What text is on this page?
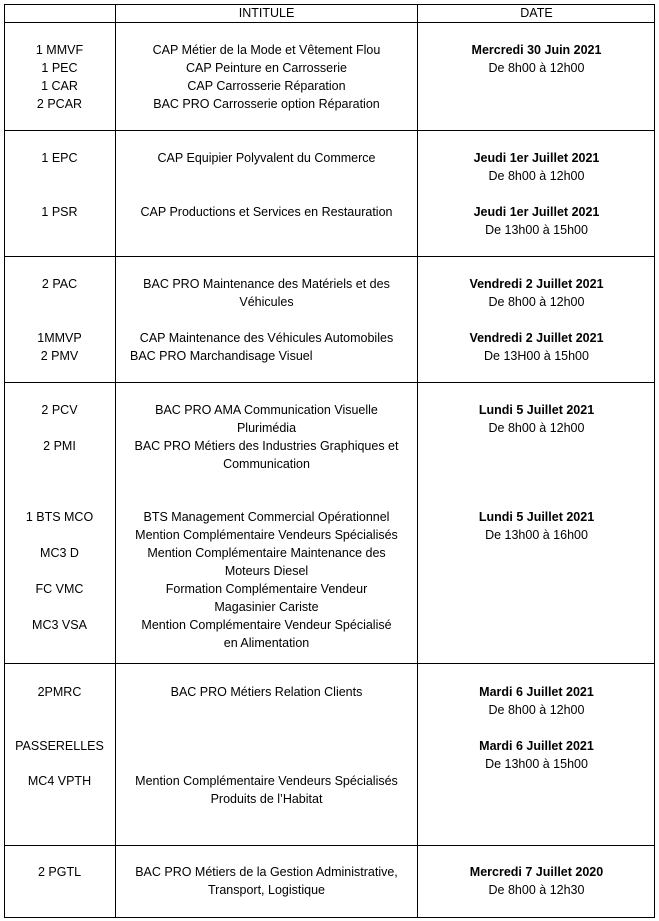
INTITULE	DATE
1 MMVF
1 PEC
1 CAR
2 PCAR
CAP Métier de la Mode et Vêtement Flou
CAP Peinture en Carrosserie
CAP Carrosserie Réparation
BAC PRO Carrosserie option Réparation
Mercredi 30 Juin 2021
De 8h00 à 12h00
1 EPC
1 PSR
CAP Equipier Polyvalent du Commerce
CAP Productions et Services en Restauration
Jeudi 1er Juillet 2021
De 8h00 à 12h00
Jeudi 1er Juillet 2021
De 13h00 à 15h00
2 PAC
1MMVP
2 PMV
BAC PRO Maintenance des Matériels et des
Véhicules
CAP Maintenance des Véhicules Automobiles
BAC PRO Marchandisage Visuel
Vendredi 2 Juillet 2021
De 8h00 à 12h00
Vendredi 2 Juillet 2021
De 13H00 à 15h00
2 PCV
2 PMI
1 BTS MCO
MC3 D
FC VMC
MC3 VSA
BAC PRO AMA Communication Visuelle
Plurimédia
BAC PRO Métiers des Industries Graphiques et
Communication
BTS Management Commercial Opérationnel
Mention Complémentaire Vendeurs Spécialisés
Mention Complémentaire Maintenance des
Moteurs Diesel
Formation Complémentaire Vendeur
Magasinier Cariste
Mention Complémentaire Vendeur Spécialisé
en Alimentation
Lundi 5 Juillet 2021
De 8h00 à 12h00
Lundi 5 Juillet 2021
De 13h00 à 16h00
2PMRC
PASSERELLES
MC4 VPTH
BAC PRO Métiers Relation Clients
Mention Complémentaire Vendeurs Spécialisés
Produits de l’Habitat
Mardi 6 Juillet 2021
De 8h00 à 12h00
Mardi 6 Juillet 2021
De 13h00 à 15h00
2 PGTL	BAC PRO Métiers de la Gestion Administrative,
Transport, Logistique
Mercredi 7 Juillet 2020
De 8h00 à 12h30
